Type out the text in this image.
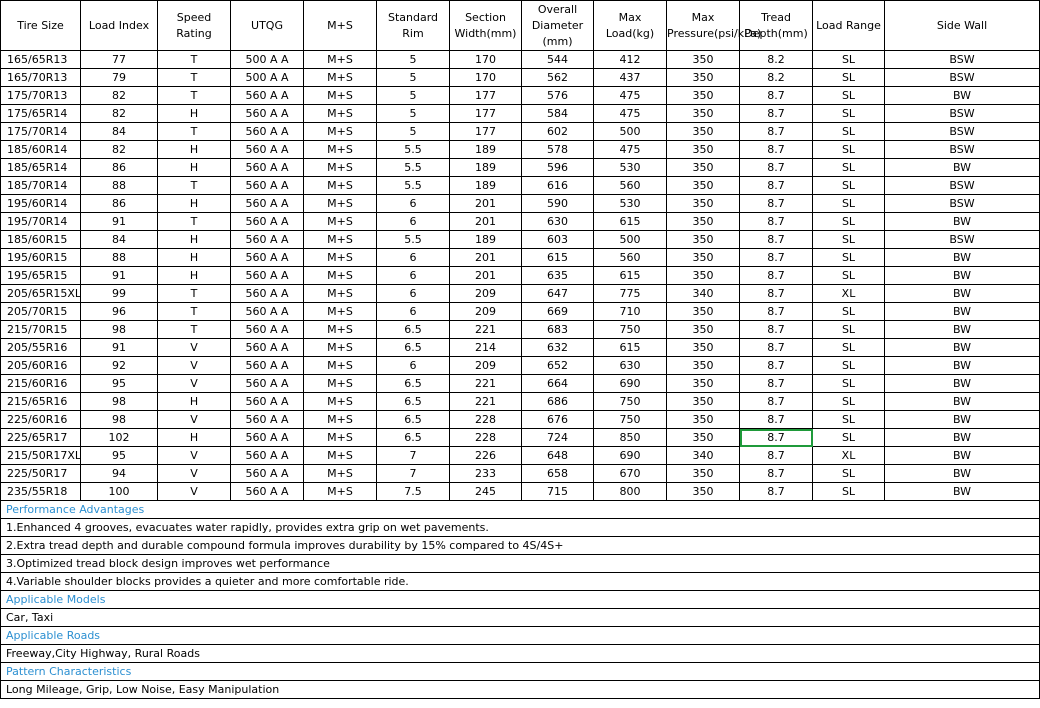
Tire Size	Load Index	Speed Rating	UTQG	M+S	Standard Rim	Section Width(mm)	Overall Diameter (mm)	Max Load(kg)	Max Pressure(psi/kPa)	Tread Depth(mm)	Load Range	Side Wall
165/65R13	77	T	500 A A	M+S	5	170	544	412	350	8.2	SL	BSW
165/70R13	79	T	500 A A	M+S	5	170	562	437	350	8.2	SL	BSW
175/70R13	82	T	560 A A	M+S	5	177	576	475	350	8.7	SL	BW
175/65R14	82	H	560 A A	M+S	5	177	584	475	350	8.7	SL	BSW
175/70R14	84	T	560 A A	M+S	5	177	602	500	350	8.7	SL	BSW
185/60R14	82	H	560 A A	M+S	5.5	189	578	475	350	8.7	SL	BSW
185/65R14	86	H	560 A A	M+S	5.5	189	596	530	350	8.7	SL	BW
185/70R14	88	T	560 A A	M+S	5.5	189	616	560	350	8.7	SL	BSW
195/60R14	86	H	560 A A	M+S	6	201	590	530	350	8.7	SL	BSW
195/70R14	91	T	560 A A	M+S	6	201	630	615	350	8.7	SL	BW
185/60R15	84	H	560 A A	M+S	5.5	189	603	500	350	8.7	SL	BSW
195/60R15	88	H	560 A A	M+S	6	201	615	560	350	8.7	SL	BW
195/65R15	91	H	560 A A	M+S	6	201	635	615	350	8.7	SL	BW
205/65R15XL	99	T	560 A A	M+S	6	209	647	775	340	8.7	XL	BW
205/70R15	96	T	560 A A	M+S	6	209	669	710	350	8.7	SL	BW
215/70R15	98	T	560 A A	M+S	6.5	221	683	750	350	8.7	SL	BW
205/55R16	91	V	560 A A	M+S	6.5	214	632	615	350	8.7	SL	BW
205/60R16	92	V	560 A A	M+S	6	209	652	630	350	8.7	SL	BW
215/60R16	95	V	560 A A	M+S	6.5	221	664	690	350	8.7	SL	BW
215/65R16	98	H	560 A A	M+S	6.5	221	686	750	350	8.7	SL	BW
225/60R16	98	V	560 A A	M+S	6.5	228	676	750	350	8.7	SL	BW
225/65R17	102	H	560 A A	M+S	6.5	228	724	850	350	8.7	SL	BW
215/50R17XL	95	V	560 A A	M+S	7	226	648	690	340	8.7	XL	BW
225/50R17	94	V	560 A A	M+S	7	233	658	670	350	8.7	SL	BW
235/55R18	100	V	560 A A	M+S	7.5	245	715	800	350	8.7	SL	BW
Performance Advantages												
1.Enhanced 4 grooves, evacuates water rapidly, provides extra grip on wet pavements.												
2.Extra tread depth and durable compound formula improves durability by 15% compared to 4S/4S+												
3.Optimized tread block design improves wet performance												
4.Variable shoulder blocks provides a quieter and more comfortable ride.												
Applicable Models												
Car, Taxi												
Applicable Roads												
Freeway,City Highway, Rural Roads												
Pattern Characteristics												
Long Mileage, Grip, Low Noise, Easy Manipulation												
